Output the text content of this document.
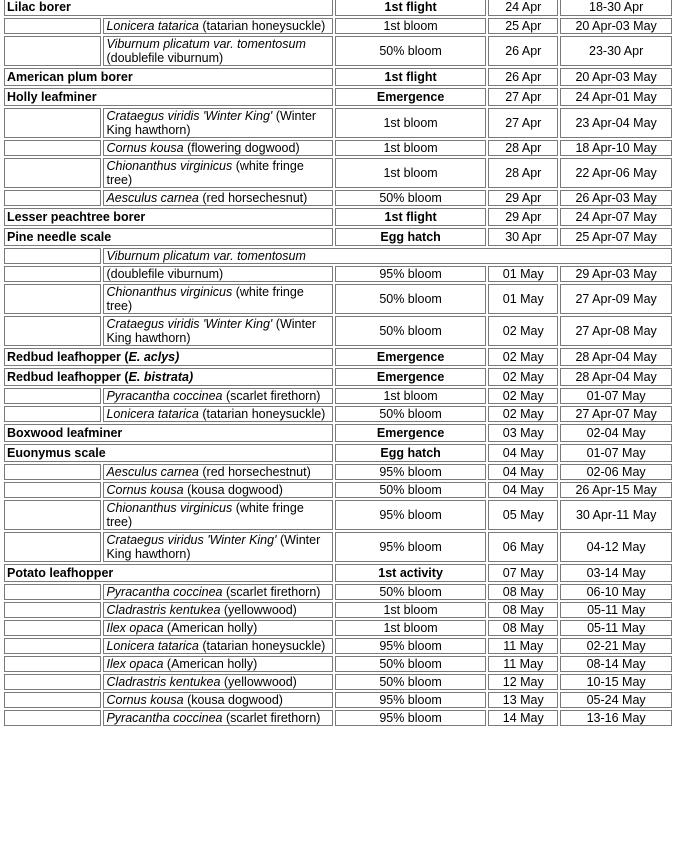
Lilac borer		1st flight	24 Apr	18-30 Apr
	Lonicera tatarica (tatarian honeysuckle)	1st bloom	25 Apr	20 Apr-03 May
	Viburnum plicatum var. tomentosum (doublefile viburnum)	50% bloom	26 Apr	23-30 Apr
American plum borer		1st flight	26 Apr	20 Apr-03 May
Holly leafminer		Emergence	27 Apr	24 Apr-01 May
	Crataegus viridis 'Winter King' (Winter King hawthorn)	1st bloom	27 Apr	23 Apr-04 May
	Cornus kousa (flowering dogwood)	1st bloom	28 Apr	18 Apr-10 May
	Chionanthus virginicus (white fringe tree)	1st bloom	28 Apr	22 Apr-06 May
	Aesculus carnea (red horsechesnut)	50% bloom	29 Apr	26 Apr-03 May
Lesser peachtree borer		1st flight	29 Apr	24 Apr-07 May
Pine needle scale		Egg hatch	30 Apr	25 Apr-07 May
	Viburnum plicatum var. tomentosum			
	(doublefile viburnum)	95% bloom	01 May	29 Apr-03 May
	Chionanthus virginicus (white fringe tree)	50% bloom	01 May	27 Apr-09 May
	Crataegus viridis 'Winter King' (Winter King hawthorn)	50% bloom	02 May	27 Apr-08 May
Redbud leafhopper (E. aclys)		Emergence	02 May	28 Apr-04 May
Redbud leafhopper (E. bistrata)		Emergence	02 May	28 Apr-04 May
	Pyracantha coccinea (scarlet firethorn)	1st bloom	02 May	01-07 May
	Lonicera tatarica (tatarian honeysuckle)	50% bloom	02 May	27 Apr-07 May
Boxwood leafminer		Emergence	03 May	02-04 May
Euonymus scale		Egg hatch	04 May	01-07 May
	Aesculus carnea (red horsechestnut)	95% bloom	04 May	02-06 May
	Cornus kousa (kousa dogwood)	50% bloom	04 May	26 Apr-15 May
	Chionanthus virginicus (white fringe tree)	95% bloom	05 May	30 Apr-11 May
	Crataegus viridus 'Winter King' (Winter King hawthorn)	95% bloom	06 May	04-12 May
Potato leafhopper		1st activity	07 May	03-14 May
	Pyracantha coccinea (scarlet firethorn)	50% bloom	08 May	06-10 May
	Cladrastris kentukea (yellowwood)	1st bloom	08 May	05-11 May
	Ilex opaca (American holly)	1st bloom	08 May	05-11 May
	Lonicera tatarica (tatarian honeysuckle)	95% bloom	11 May	02-21 May
	Ilex opaca (American holly)	50% bloom	11 May	08-14 May
	Cladrastris kentukea (yellowwood)	50% bloom	12 May	10-15 May
	Cornus kousa (kousa dogwood)	95% bloom	13 May	05-24 May
	Pyracantha coccinea (scarlet firethorn)	95% bloom	14 May	13-16 May
